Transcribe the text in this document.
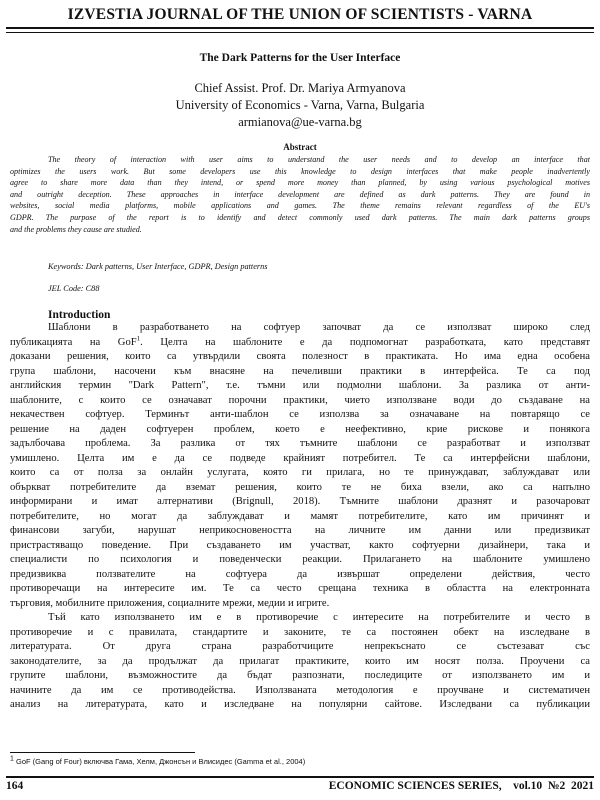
IZVESTIA JOURNAL OF THE UNION OF SCIENTISTS - VARNA
The Dark Patterns for the User Interface
Chief Assist. Prof. Dr. Mariya Armyanova
University of Economics - Varna, Varna, Bulgaria
armianova@ue-varna.bg
Abstract
The theory of interaction with user aims to understand the user needs and to develop an interface that
optimizes the users work. But some developers use this knowledge to design interfaces that make people inadvertently
agree to share more data than they intend, or spend more money than planned, by using various psychological motives
and outright deception. These approaches in interface development are defined as dark patterns. They are found in
websites, social media platforms, mobile applications and games. The theme remains relevant regardless of the EU's
GDPR. The purpose of the report is to identify and detect commonly used dark patterns. The main dark patterns groups
and the problems they cause are studied.
Keywords: Dark patterns, User Interface, GDPR, Design patterns
JEL Code: C88
Introduction
Шаблони в разработването на софтуер започват да се използват широко след
публикацията на GoF$^1$. Целта на шаблоните е да подпомогнат разработката, като представят
доказани решения, които са утвърдили своята полезност в практиката. Но има една особена
група шаблони, насочени към внасяне на печеливши практики в интерфейса. Те са под
английския термин "Dark Pattern", т.е. тъмни или подмолни шаблони. За разлика от анти-
шаблоните, с които се означават порочни практики, чието използване води до създаване на
некачествен софтуер. Терминът анти-шаблон се използва за означаване на повтарящо се
решение на даден софтуерен проблем, което е неефективно, крие рискове и понякога
задълбочава проблема. За разлика от тях тъмните шаблони се разработват и използват
умишлено. Целта им е да се подведе крайният потребител. Те са интерфейсни шаблони,
които са от полза за онлайн услугата, която ги прилага, но те принуждават, заблуждават или
объркват потребителите да вземат решения, които те не биха взели, ако са напълно
информирани и имат алтернативи (Brignull, 2018). Тъмните шаблони дразнят и разочароват
потребителите, но могат да заблуждават и мамят потребителите, като им причинят и
финансови загуби, нарушат неприкосновеността на личните им данни или предизвикат
пристрастяващо поведение. При създаването им участват, както софтуерни дизайнери, така и
специалисти по психология и поведенчески реакции. Прилагането на шаблоните умишлено
предизвиква ползвателите на софтуера да извършат определени действия, често
противоречащи на интересите им. Те са често срещана техника в областта на електронната
търговия, мобилните приложения, социалните мрежи, медии и игрите.
Тъй като използването им е в противоречие с интересите на потребителите и често в
противоречие и с правилата, стандартите и законите, те са постоянен обект на изследване в
литературата. От друга страна разработчиците непрекъснато се състезават със
законодателите, за да продължат да прилагат практиките, които им носят полза. Проучени са
групите шаблони, възможностите да бъдат разпознати, последиците от използването им и
начините да им се противодейства. Използваната методология е проучване и систематичен
анализ на литературата, като и изследване на популярни сайтове. Изследвани са публикации
$^1$ GoF (Gang of Four) включва Гама, Хелм, Джонсън и Влисидес (Gamma et al., 2004)
164	ECONOMIC SCIENCES SERIES,    vol.10  №2  2021
